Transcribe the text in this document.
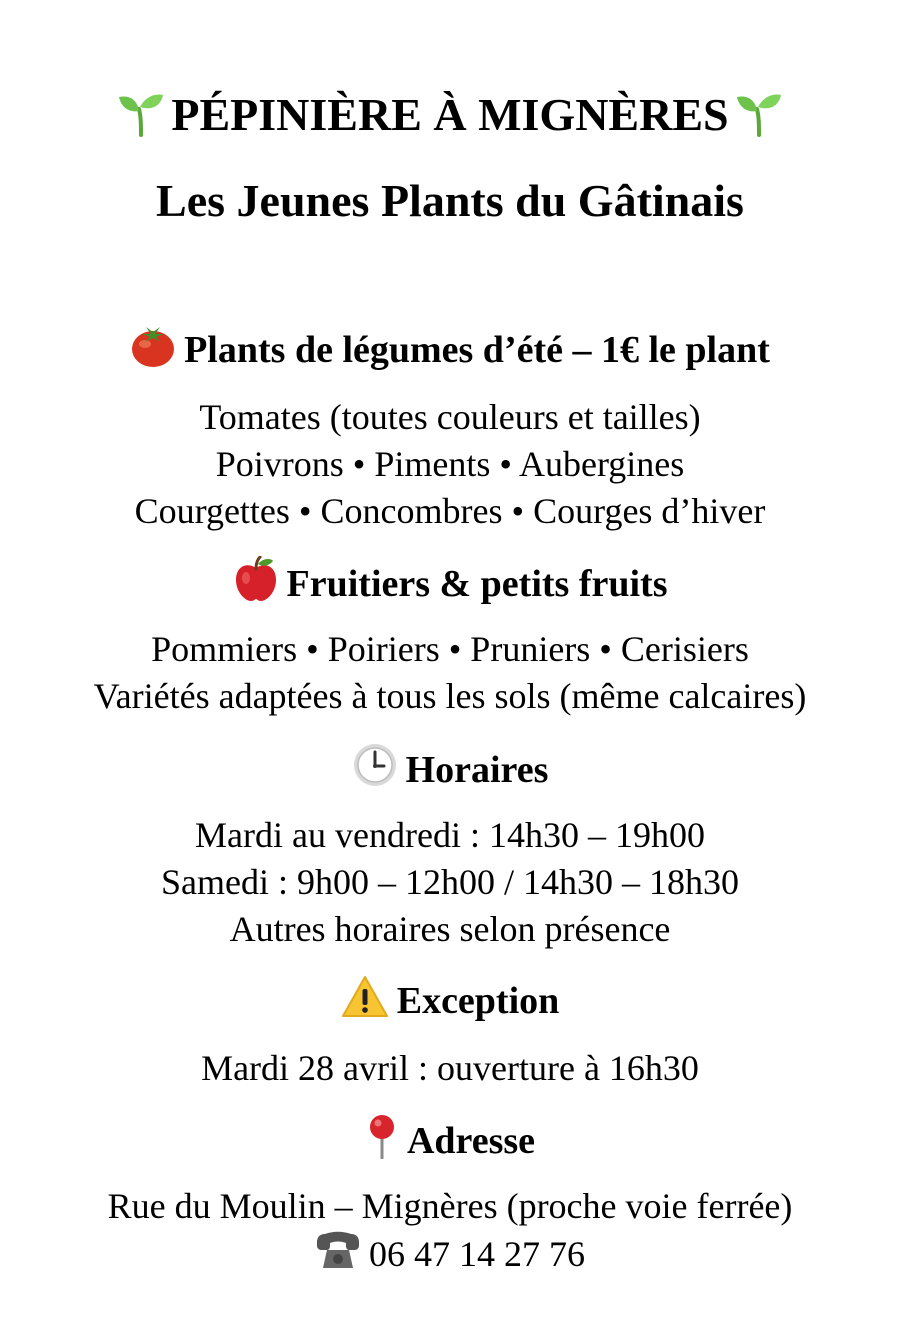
PÉPINIÈRE À MIGNÈRES
Les Jeunes Plants du Gâtinais
Plants de légumes d’été – 1€ le plant
Tomates (toutes couleurs et tailles)
Poivrons • Piments • Aubergines
Courgettes • Concombres • Courges d’hiver
Fruitiers & petits fruits
Pommiers • Poiriers • Pruniers • Cerisiers
Variétés adaptées à tous les sols (même calcaires)
Horaires
Mardi au vendredi : 14h30 – 19h00
Samedi : 9h00 – 12h00 / 14h30 – 18h30
Autres horaires selon présence
Exception
Mardi 28 avril : ouverture à 16h30
Adresse
Rue du Moulin – Mignères (proche voie ferrée)
06 47 14 27 76
